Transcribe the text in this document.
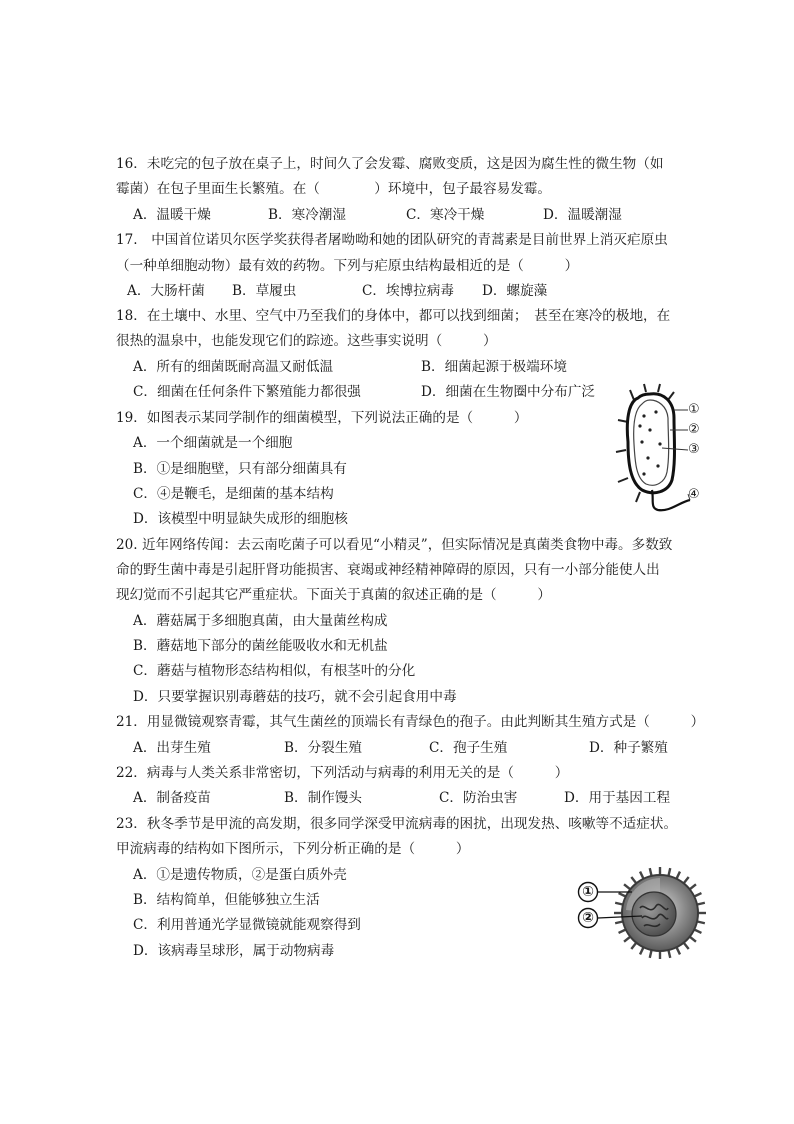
16．未吃完的包子放在桌子上，时间久了会发霉、腐败变质，这是因为腐生性的微生物（如
霉菌）在包子里面生长繁殖。在（　　　　）环境中，包子最容易发霉。
A．温暖干燥	B．寒冷潮湿	C．寒冷干燥	D．温暖潮湿
17.　中国首位诺贝尔医学奖获得者屠呦呦和她的团队研究的青蒿素是目前世界上消灭疟原虫
（一种单细胞动物）最有效的药物。下列与疟原虫结构最相近的是（　　　）
A．大肠杆菌 B．草履虫	C．埃博拉病毒 D．螺旋藻
18．在土壤中、水里、空气中乃至我们的身体中，都可以找到细菌；　甚至在寒冷的极地，在
很热的温泉中，也能发现它们的踪迹。这些事实说明（　　　）
A．所有的细菌既耐高温又耐低温	B．细菌起源于极端环境
C．细菌在任何条件下繁殖能力都很强	D．细菌在生物圈中分布广泛
19．如图表示某同学制作的细菌模型，下列说法正确的是（　　　）
A．一个细菌就是一个细胞
B．①是细胞壁，只有部分细菌具有
C．④是鞭毛，是细菌的基本结构
D．该模型中明显缺失成形的细胞核
①
②
③
④
20. 近年网络传闻：去云南吃菌子可以看见“小精灵”，但实际情况是真菌类食物中毒。多数致
命的野生菌中毒是引起肝肾功能损害、衰竭或神经精神障碍的原因，只有一小部分能使人出
现幻觉而不引起其它严重症状。下面关于真菌的叙述正确的是（　　　）
A．蘑菇属于多细胞真菌，由大量菌丝构成
B．蘑菇地下部分的菌丝能吸收水和无机盐
C．蘑菇与植物形态结构相似，有根茎叶的分化
D．只要掌握识别毒蘑菇的技巧，就不会引起食用中毒
21．用显微镜观察青霉，其气生菌丝的顶端长有青绿色的孢子。由此判断其生殖方式是（　　　）
A．出芽生殖	B．分裂生殖	C．孢子生殖	D．种子繁殖
22．病毒与人类关系非常密切，下列活动与病毒的利用无关的是（　　　）
A．制备疫苗	B．制作馒头	C．防治虫害	D．用于基因工程
23．秋冬季节是甲流的高发期，很多同学深受甲流病毒的困扰，出现发热、咳嗽等不适症状。
甲流病毒的结构如下图所示，下列分析正确的是（　　　）
A．①是遗传物质，②是蛋白质外壳
B．结构简单，但能够独立生活
C．利用普通光学显微镜就能观察得到
D．该病毒呈球形，属于动物病毒
①
②
